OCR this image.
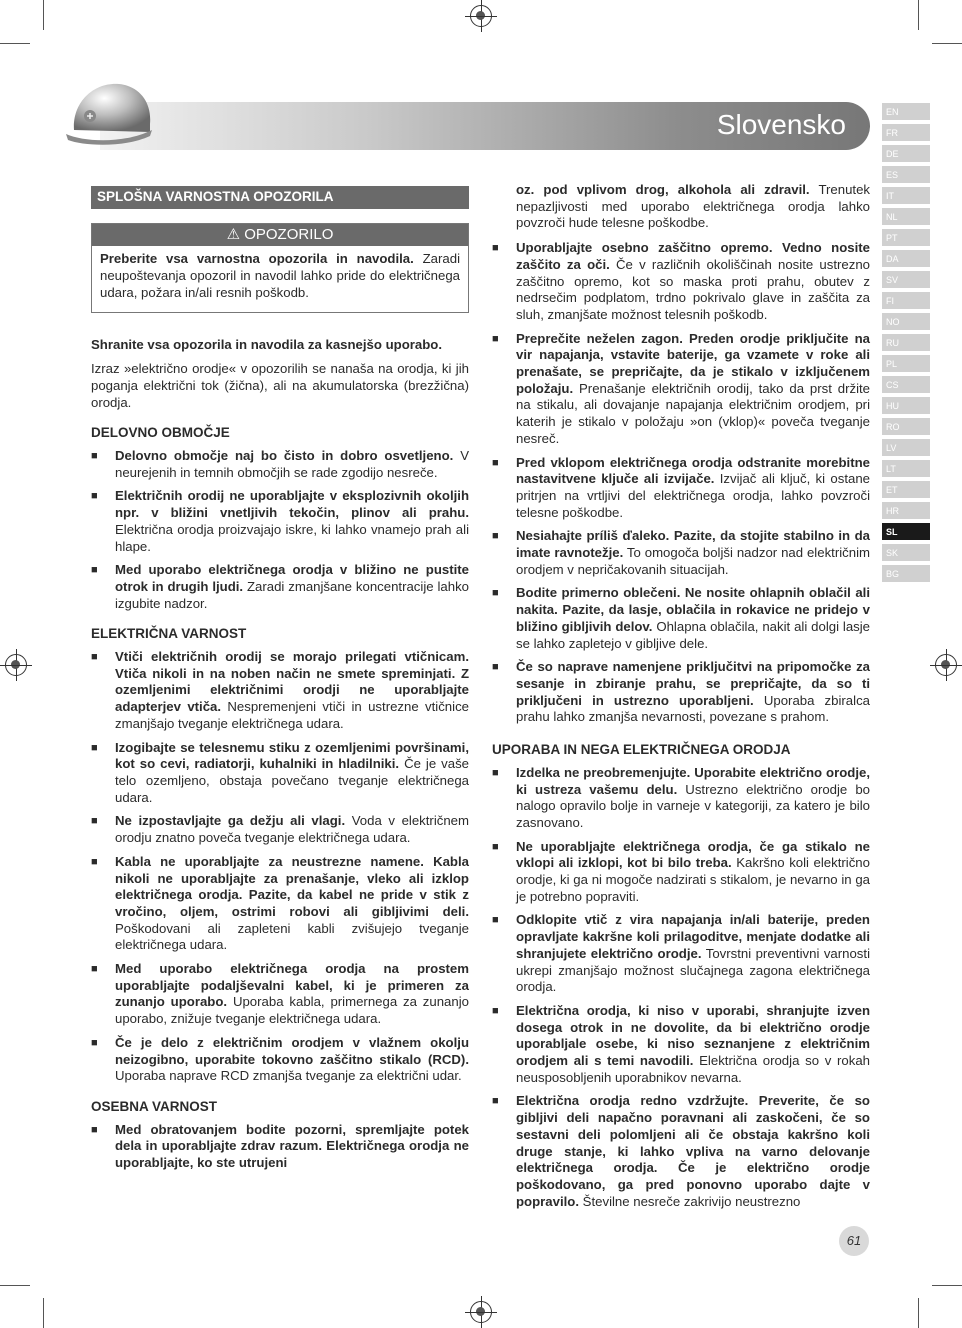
Slovensko	EN
FR
DE
ES
IT
NL
PT
DA
SV
FI
NO
RU
PL
CS
HU
RO
LV
LT
ET
HR
SL
SK
BG
SPLOŠNA VARNOSTNA OPOZORILA
⚠ OPOZORILO
Preberite vsa varnostna opozorila in navodila. Zaradi neupoštevanja opozoril in navodil lahko pride do električnega udara, požara in/ali resnih poškodb.

Shranite vsa opozorila in navodila za kasnejšo uporabo.

Izraz »električno orodje« v opozorilih se nanaša na orodja, ki jih poganja električni tok (žična), ali na akumulatorska (brezžična) orodja.

DELOVNO OBMOČJE
■ Delovno območje naj bo čisto in dobro osvetljeno. V neurejenih in temnih območjih se rade zgodijo nesreče.
■ Električnih orodij ne uporabljajte v eksplozivnih okoljih npr. v bližini vnetljivih tekočin, plinov ali prahu. Električna orodja proizvajajo iskre, ki lahko vnamejo prah ali hlape.
■ Med uporabo električnega orodja v bližino ne pustite otrok in drugih ljudi. Zaradi zmanjšane koncentracije lahko izgubite nadzor.
ELEKTRIČNA VARNOST
■ Vtiči električnih orodij se morajo prilegati vtičnicam. Vtiča nikoli in na noben način ne smete spreminjati. Z ozemljenimi električnimi orodji ne uporabljajte adapterjev vtiča. Nespremenjeni vtiči in ustrezne vtičnice zmanjšajo tveganje električnega udara.
■ Izogibajte se telesnemu stiku z ozemljenimi površinami, kot so cevi, radiatorji, kuhalniki in hladilniki. Če je vaše telo ozemljeno, obstaja povečano tveganje električnega udara.
■ Ne izpostavljajte ga dežju ali vlagi. Voda v električnem orodju znatno poveča tveganje električnega udara.
■ Kabla ne uporabljajte za neustrezne namene. Kabla nikoli ne uporabljajte za prenašanje, vleko ali izklop električnega orodja. Pazite, da kabel ne pride v stik z vročino, oljem, ostrimi robovi ali gibljivimi deli. Poškodovani ali zapleteni kabli zvišujejo tveganje električnega udara.
■ Med uporabo električnega orodja na prostem uporabljajte podaljševalni kabel, ki je primeren za zunanjo uporabo. Uporaba kabla, primernega za zunanjo uporabo, znižuje tveganje električnega udara.
■ Če je delo z električnim orodjem v vlažnem okolju neizogibno, uporabite tokovno zaščitno stikalo (RCD). Uporaba naprave RCD zmanjša tveganje za električni udar.
OSEBNA VARNOST
■ Med obratovanjem bodite pozorni, spremljajte potek dela in uporabljajte zdrav razum. Električnega orodja ne uporabljajte, ko ste utrujeni

oz. pod vplivom drog, alkohola ali zdravil. Trenutek nepazljivosti med uporabo električnega orodja lahko povzroči hude telesne poškodbe.

■ Uporabljajte osebno zaščitno opremo. Vedno nosite zaščito za oči. Če v različnih okoliščinah nosite ustrezno zaščitno opremo, kot so maska proti prahu, obutev z nedrsečim podplatom, trdno pokrivalo glave in zaščita za sluh, zmanjšate možnost telesnih poškodb.
■ Preprečite neželen zagon. Preden orodje priključite na vir napajanja, vstavite baterije, ga vzamete v roke ali prenašate, se prepričajte, da je stikalo v izključenem položaju. Prenašanje električnih orodij, tako da prst držite na stikalu, ali dovajanje napajanja električnim orodjem, pri katerih je stikalo v položaju »on (vklop)« poveča tveganje nesreč.
■ Pred vklopom električnega orodja odstranite morebitne nastavitvene ključe ali izvijače. Izvijač ali ključ, ki ostane pritrjen na vrtljivi del električnega orodja, lahko povzroči telesne poškodbe.
■ Nesiahajte príliš ďaleko. Pazite, da stojite stabilno in da imate ravnotežje. To omogoča boljši nadzor nad električnim orodjem v nepričakovanih situacijah.
■ Bodite primerno oblečeni. Ne nosite ohlapnih oblačil ali nakita. Pazite, da lasje, oblačila in rokavice ne pridejo v bližino gibljivih delov. Ohlapna oblačila, nakit ali dolgi lasje se lahko zapletejo v gibljive dele.
■ Če so naprave namenjene priključitvi na pripomočke za sesanje in zbiranje prahu, se prepričajte, da so ti priključeni in ustrezno uporabljeni. Uporaba zbiralca prahu lahko zmanjša nevarnosti, povezane s prahom.
UPORABA IN NEGA ELEKTRIČNEGA ORODJA
■ Izdelka ne preobremenjujte. Uporabite električno orodje, ki ustreza vašemu delu. Ustrezno električno orodje bo nalogo opravilo bolje in varneje v kategoriji, za katero je bilo zasnovano.
■ Ne uporabljajte električnega orodja, če ga stikalo ne vklopi ali izklopi, kot bi bilo treba. Kakršno koli električno orodje, ki ga ni mogoče nadzirati s stikalom, je nevarno in ga je potrebno popraviti.
■ Odklopite vtič z vira napajanja in/ali baterije, preden opravljate kakršne koli prilagoditve, menjate dodatke ali shranjujete električno orodje. Tovrstni preventivni varnosti ukrepi zmanjšajo možnost slučajnega zagona električnega orodja.
■ Električna orodja, ki niso v uporabi, shranjujte izven dosega otrok in ne dovolite, da bi električno orodje uporabljale osebe, ki niso seznanjene z električnim orodjem ali s temi navodili. Električna orodja so v rokah neusposobljenih uporabnikov nevarna.
■ Električna orodja redno vzdržujte. Preverite, če so gibljivi deli napačno poravnani ali zaskočeni, če so sestavni deli polomljeni ali če obstaja kakršno koli druge stanje, ki lahko vpliva na varno delovanje električnega orodja. Če je električno orodje poškodovano, ga pred ponovno uporabo dajte v popravilo. Številne nesreče zakrivijo neustrezno
61
